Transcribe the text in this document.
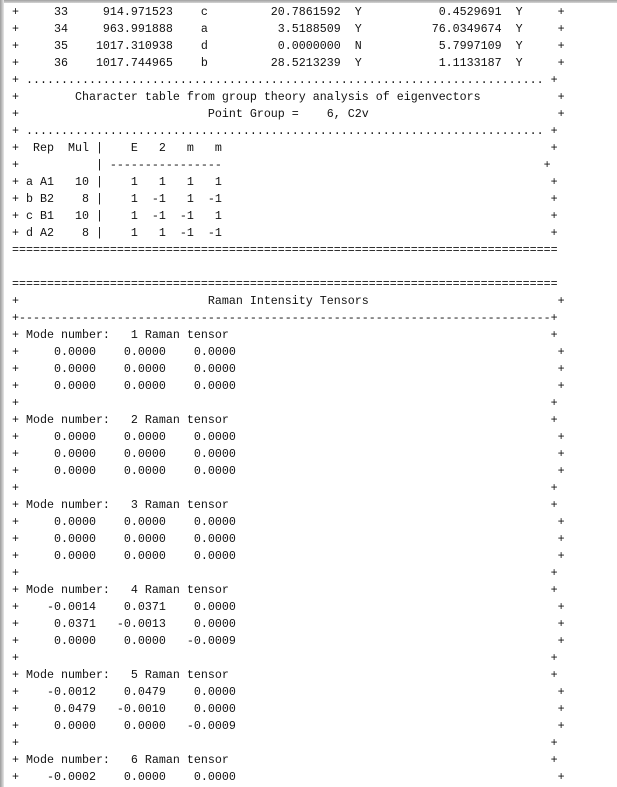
+     33     914.971523    c         20.7861592  Y           0.4529691  Y     +
+     34     963.991888    a          3.5188509  Y          76.0349674  Y     +
+     35    1017.310938    d          0.0000000  N           5.7997109  Y     +
+     36    1017.744965    b         28.5213239  Y           1.1133187  Y     +
+ .......................................................................... +
+        Character table from group theory analysis of eigenvectors           +
+                           Point Group =    6, C2v                           +
+ .......................................................................... +
+  Rep  Mul |    E   2   m   m                                               +
+           | ----------------                                              +
+ a A1   10 |    1   1   1   1                                               +
+ b B2    8 |    1  -1   1  -1                                               +
+ c B1   10 |    1  -1  -1   1                                               +
+ d A2    8 |    1   1  -1  -1                                               +
==============================================================================

==============================================================================
+                           Raman Intensity Tensors                           +
+----------------------------------------------------------------------------+
+ Mode number:   1 Raman tensor                                              +
+     0.0000    0.0000    0.0000                                              +
+     0.0000    0.0000    0.0000                                              +
+     0.0000    0.0000    0.0000                                              +
+                                                                            +
+ Mode number:   2 Raman tensor                                              +
+     0.0000    0.0000    0.0000                                              +
+     0.0000    0.0000    0.0000                                              +
+     0.0000    0.0000    0.0000                                              +
+                                                                            +
+ Mode number:   3 Raman tensor                                              +
+     0.0000    0.0000    0.0000                                              +
+     0.0000    0.0000    0.0000                                              +
+     0.0000    0.0000    0.0000                                              +
+                                                                            +
+ Mode number:   4 Raman tensor                                              +
+    -0.0014    0.0371    0.0000                                              +
+     0.0371   -0.0013    0.0000                                              +
+     0.0000    0.0000   -0.0009                                              +
+                                                                            +
+ Mode number:   5 Raman tensor                                              +
+    -0.0012    0.0479    0.0000                                              +
+     0.0479   -0.0010    0.0000                                              +
+     0.0000    0.0000   -0.0009                                              +
+                                                                            +
+ Mode number:   6 Raman tensor                                              +
+    -0.0002    0.0000    0.0000                                              +
